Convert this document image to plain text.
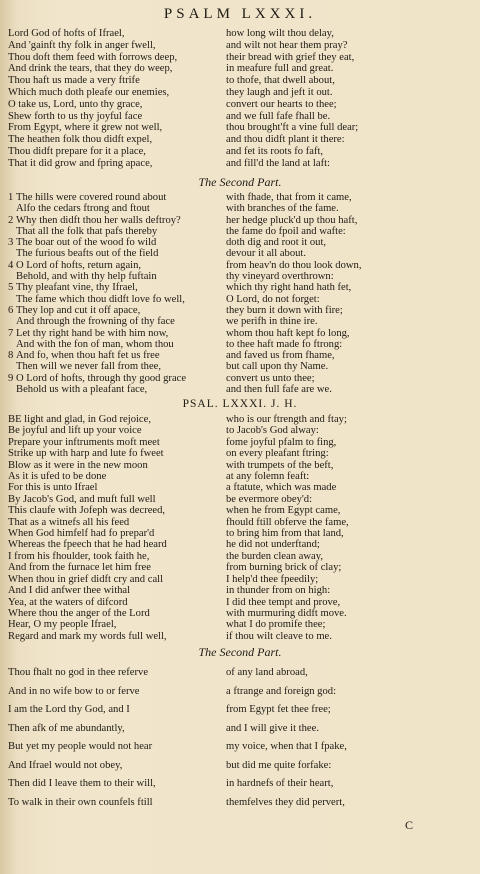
PSALM LXXXI.
Lord God of hofts of Ifrael,	how long wilt thou delay,
And 'gainft thy folk in anger fwell,	and wilt not hear them pray?
Thou doft them feed with forrows deep,	their bread with grief they eat,
And drink the tears, that they do weep,	in meafure full and great.
Thou haft us made a very ftrife	to thofe, that dwell about,
Which much doth pleafe our enemies,	they laugh and jeft it out.
O take us, Lord, unto thy grace,	convert our hearts to thee;
Shew forth to us thy joyful face	and we full fafe fhall be.
From Egypt, where it grew not well,	thou brought'ft a vine full dear;
The heathen folk thou didft expel,	and thou didft plant it there:
Thou didft prepare for it a place,	and fet its roots fo faft,
That it did grow and fpring apace,	and fill'd the land at laft:
The Second Part.
1 The hills were covered round about	with fhade, that from it came,
Alfo the cedars ftrong and ftout	with branches of the fame.
2 Why then didft thou her walls deftroy?	her hedge pluck'd up thou haft,
That all the folk that pafs thereby	the fame do fpoil and wafte:
3 The boar out of the wood fo wild	doth dig and root it out,
The furious beafts out of the field	devour it all about.
4 O Lord of hofts, return again,	from heav'n do thou look down,
Behold, and with thy help fuftain	thy vineyard overthrown:
5 Thy pleafant vine, thy Ifrael,	which thy right hand hath fet,
The fame which thou didft love fo well,	O Lord, do not forget:
6 They lop and cut it off apace,	they burn it down with fire;
And through the frowning of thy face	we perifh in thine ire.
7 Let thy right hand be with him now,	whom thou haft kept fo long,
And with the fon of man, whom thou	to thee haft made fo ftrong:
8 And fo, when thou haft fet us free	and faved us from fhame,
Then will we never fall from thee,	but call upon thy Name.
9 O Lord of hofts, through thy good grace	convert us unto thee;
Behold us with a pleafant face,	and then full fafe are we.
PSAL. LXXXI. J. H.
BE light and glad, in God rejoice,	who is our ftrength and ftay;
Be joyful and lift up your voice	to Jacob's God alway:
Prepare your inftruments moft meet	fome joyful pfalm to fing,
Strike up with harp and lute fo fweet	on every pleafant ftring:
Blow as it were in the new moon	with trumpets of the beft,
As it is ufed to be done	at any folemn feaft:
For this is unto Ifrael	a ftatute, which was made
By Jacob's God, and muft full well	be evermore obey'd:
This claufe with Jofeph was decreed,	when he from Egypt came,
That as a witnefs all his feed	fhould ftill obferve the fame,
When God himfelf had fo prepar'd	to bring him from that land,
Whereas the fpeech that he had heard	he did not underftand;
I from his fhoulder, took faith he,	the burden clean away,
And from the furnace let him free	from burning brick of clay;
When thou in grief didft cry and call	I help'd thee fpeedily;
And I did anfwer thee withal	in thunder from on high:
Yea, at the waters of difcord	I did thee tempt and prove,
Where thou the anger of the Lord	with murmuring didft move.
Hear, O my people Ifrael,	what I do promife thee;
Regard and mark my words full well,	if thou wilt cleave to me.
The Second Part.
Thou fhalt no god in thee referve	of any land abroad,
And in no wife bow to or ferve	a ftrange and foreign god:
I am the Lord thy God, and I	from Egypt fet thee free;
Then afk of me abundantly,	and I will give it thee.
But yet my people would not hear	my voice, when that I fpake,
And Ifrael would not obey,	but did me quite forfake:
Then did I leave them to their will,	in hardnefs of their heart,
To walk in their own counfels ftill	themfelves they did pervert,
C
